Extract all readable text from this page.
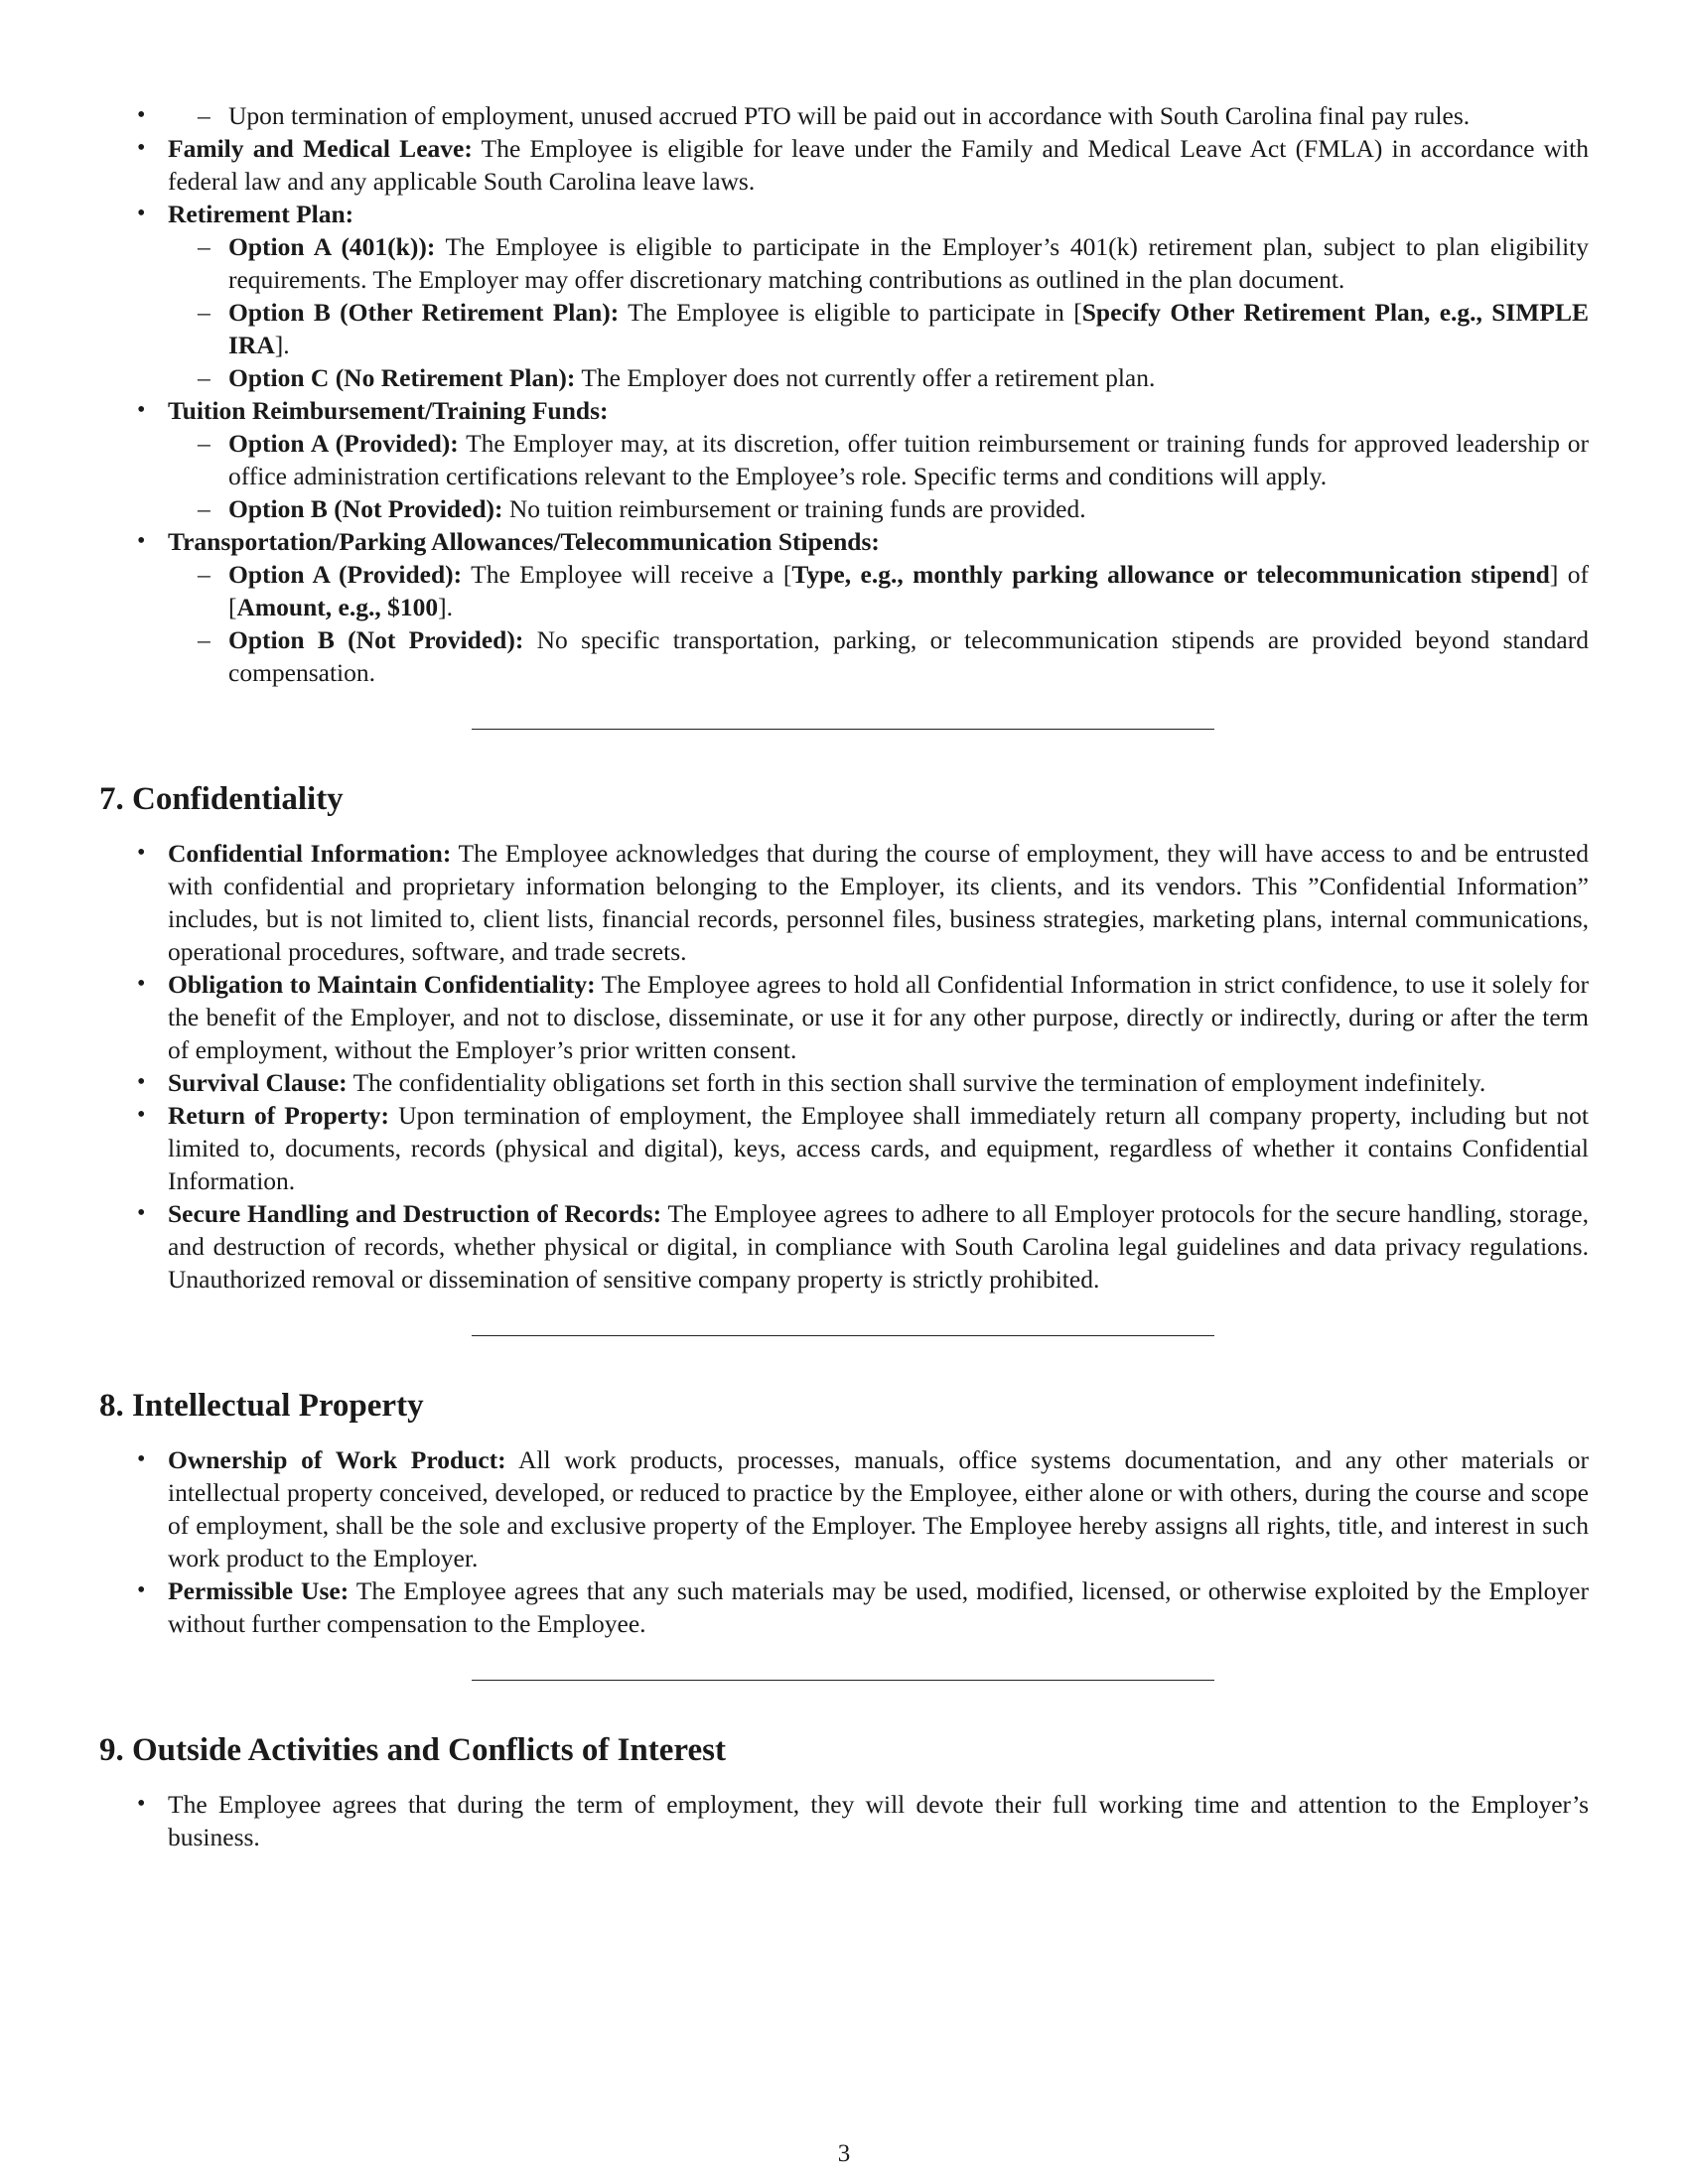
– • Upon termination of employment, unused accrued PTO will be paid out in accordance with South Carolina final pay rules.
• Family and Medical Leave: The Employee is eligible for leave under the Family and Medical Leave Act (FMLA) in accordance with federal law and any applicable South Carolina leave laws.
• Retirement Plan:
– Option A (401(k)): The Employee is eligible to participate in the Employer’s 401(k) retirement plan, subject to plan eligibility requirements. The Employer may offer discretionary matching contributions as outlined in the plan document.
– Option B (Other Retirement Plan): The Employee is eligible to participate in [Specify Other Retirement Plan, e.g., SIMPLE IRA].
– Option C (No Retirement Plan): The Employer does not currently offer a retirement plan.
• Tuition Reimbursement/Training Funds:
– Option A (Provided): The Employer may, at its discretion, offer tuition reimbursement or training funds for approved leadership or office administration certifications relevant to the Employee’s role. Specific terms and conditions will apply.
– Option B (Not Provided): No tuition reimbursement or training funds are provided.
• Transportation/Parking Allowances/Telecommunication Stipends:
– Option A (Provided): The Employee will receive a [Type, e.g., monthly parking allowance or telecommunication stipend] of [Amount, e.g., $100].
– Option B (Not Provided): No specific transportation, parking, or telecommunication stipends are provided beyond standard compensation.
7. Confidentiality
• Confidential Information: The Employee acknowledges that during the course of employment, they will have access to and be entrusted with confidential and proprietary information belonging to the Employer, its clients, and its vendors. This ”Confidential Information” includes, but is not limited to, client lists, financial records, personnel files, business strategies, marketing plans, internal communications, operational procedures, software, and trade secrets.
• Obligation to Maintain Confidentiality: The Employee agrees to hold all Confidential Information in strict confidence, to use it solely for the benefit of the Employer, and not to disclose, disseminate, or use it for any other purpose, directly or indirectly, during or after the term of employment, without the Employer’s prior written consent.
• Survival Clause: The confidentiality obligations set forth in this section shall survive the termination of employment indefinitely.
• Return of Property: Upon termination of employment, the Employee shall immediately return all company property, including but not limited to, documents, records (physical and digital), keys, access cards, and equipment, regardless of whether it contains Confidential Information.
• Secure Handling and Destruction of Records: The Employee agrees to adhere to all Employer protocols for the secure handling, storage, and destruction of records, whether physical or digital, in compliance with South Carolina legal guidelines and data privacy regulations. Unauthorized removal or dissemination of sensitive company property is strictly prohibited.
8. Intellectual Property
• Ownership of Work Product: All work products, processes, manuals, office systems documentation, and any other materials or intellectual property conceived, developed, or reduced to practice by the Employee, either alone or with others, during the course and scope of employment, shall be the sole and exclusive property of the Employer. The Employee hereby assigns all rights, title, and interest in such work product to the Employer.
• Permissible Use: The Employee agrees that any such materials may be used, modified, licensed, or otherwise exploited by the Employer without further compensation to the Employee.
9. Outside Activities and Conflicts of Interest
• The Employee agrees that during the term of employment, they will devote their full working time and attention to the Employer’s business.
3
